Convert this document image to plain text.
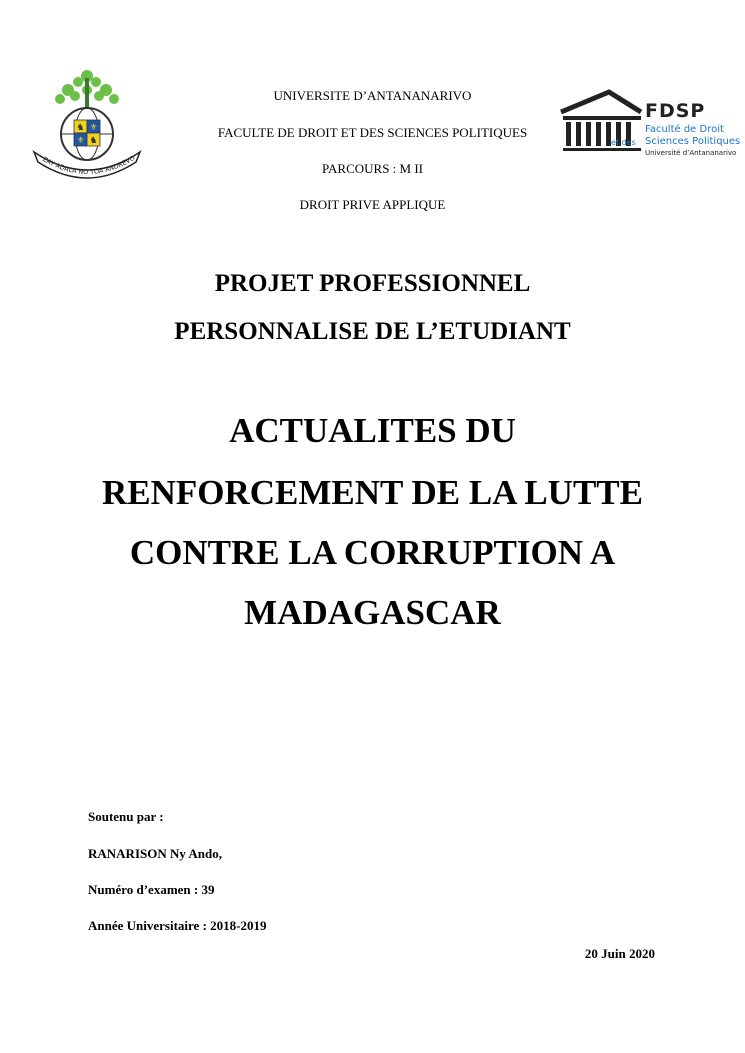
♞ ⚜
⚜ ♞
ZAY ADALA NO TOA ANDREVO
UNIVERSITE D’ANTANANARIVO
FACULTE DE DROIT ET DES SCIENCES POLITIQUES
PARCOURS : M II
DROIT PRIVE APPLIQUE
FDSP
Faculté de Droit
et des Sciences Politiques
Université d’Antananarivo
PROJET PROFESSIONNEL
PERSONNALISE DE L’ETUDIANT
ACTUALITES DU
RENFORCEMENT DE LA LUTTE
CONTRE LA CORRUPTION A
MADAGASCAR
Soutenu par :
RANARISON Ny Ando,
Numéro d’examen : 39
Année Universitaire : 2018-2019
20 Juin 2020
